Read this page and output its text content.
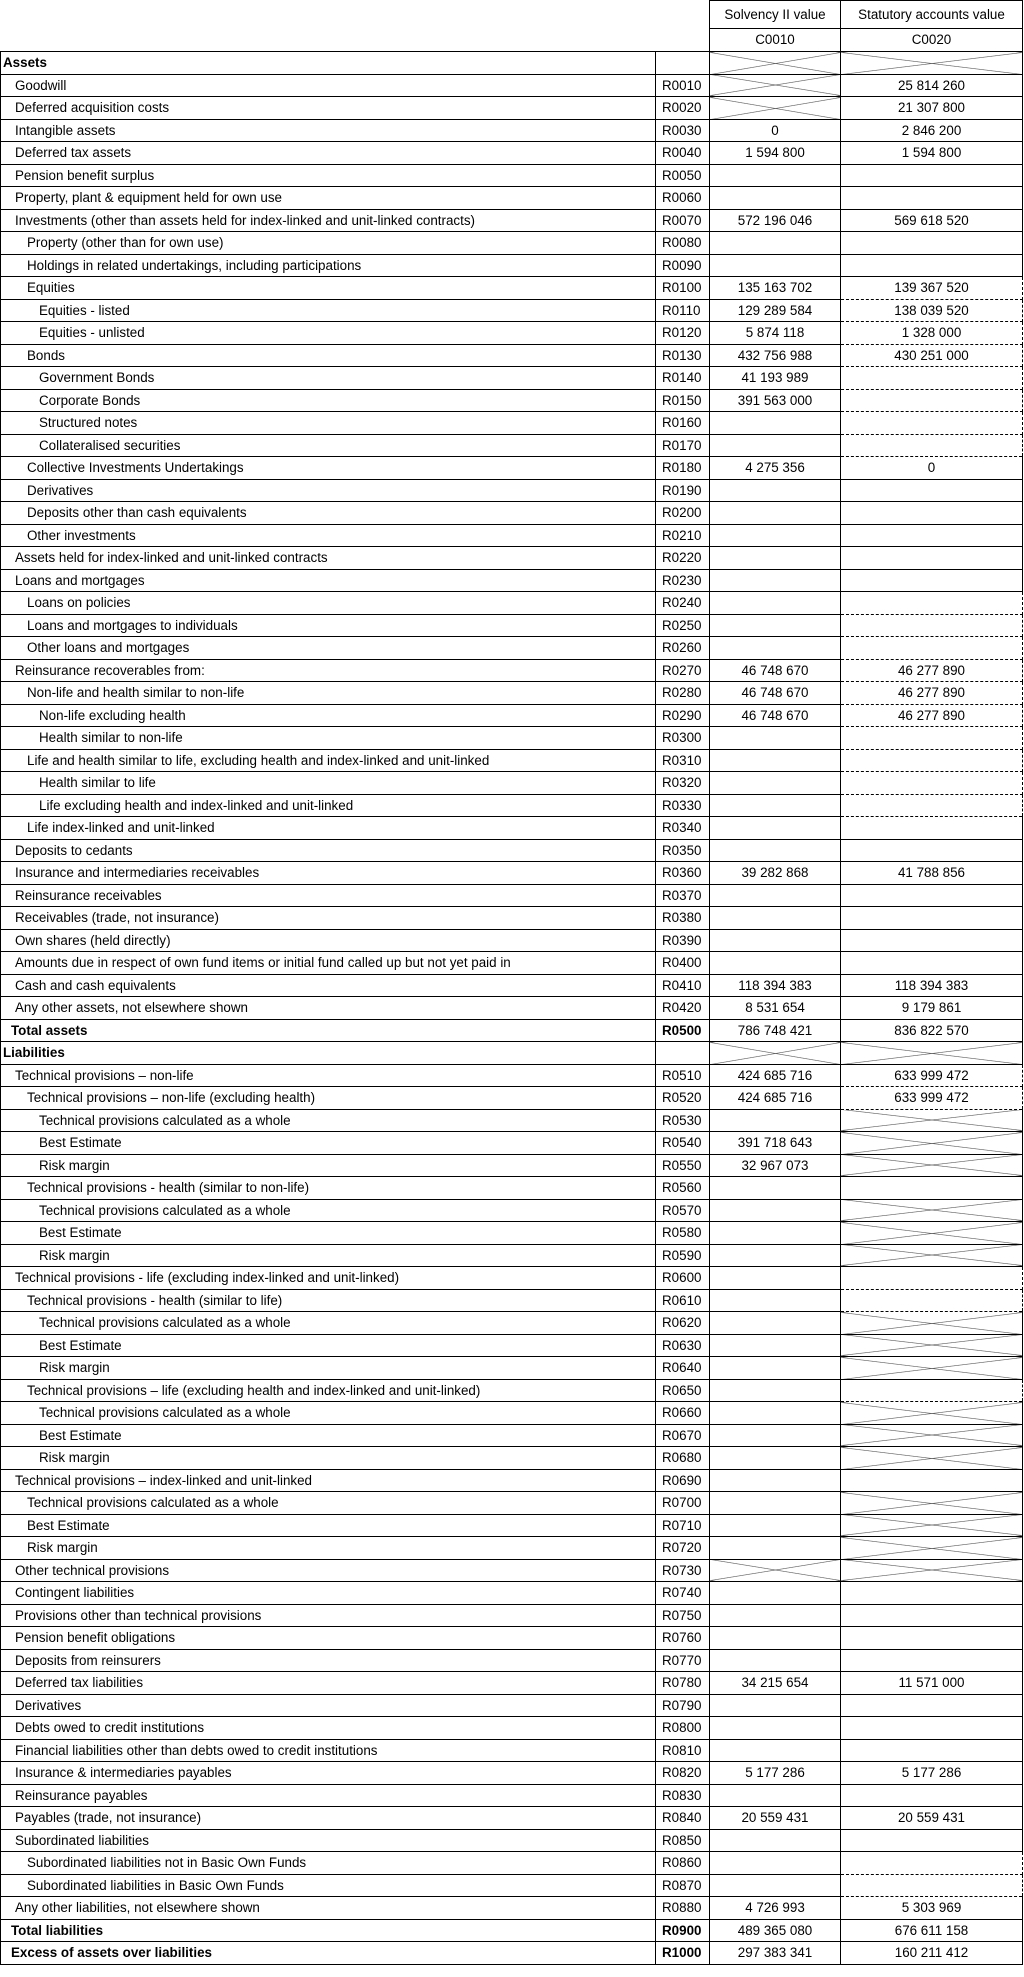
		Solvency II value	Statutory accounts value
		C0010	C0020
Assets			
Goodwill	R0010		25 814 260
Deferred acquisition costs	R0020		21 307 800
Intangible assets	R0030	0	2 846 200
Deferred tax assets	R0040	1 594 800	1 594 800
Pension benefit surplus	R0050		
Property, plant & equipment held for own use	R0060		
Investments (other than assets held for index-linked and unit-linked contracts)	R0070	572 196 046	569 618 520
Property (other than for own use)	R0080		
Holdings in related undertakings, including participations	R0090		
Equities	R0100	135 163 702	139 367 520
Equities - listed	R0110	129 289 584	138 039 520
Equities - unlisted	R0120	5 874 118	1 328 000
Bonds	R0130	432 756 988	430 251 000
Government Bonds	R0140	41 193 989	
Corporate Bonds	R0150	391 563 000	
Structured notes	R0160		
Collateralised securities	R0170		
Collective Investments Undertakings	R0180	4 275 356	0
Derivatives	R0190		
Deposits other than cash equivalents	R0200		
Other investments	R0210		
Assets held for index-linked and unit-linked contracts	R0220		
Loans and mortgages	R0230		
Loans on policies	R0240		
Loans and mortgages to individuals	R0250		
Other loans and mortgages	R0260		
Reinsurance recoverables from:	R0270	46 748 670	46 277 890
Non-life and health similar to non-life	R0280	46 748 670	46 277 890
Non-life excluding health	R0290	46 748 670	46 277 890
Health similar to non-life	R0300		
Life and health similar to life, excluding health and index-linked and unit-linked	R0310		
Health similar to life	R0320		
Life excluding health and index-linked and unit-linked	R0330		
Life index-linked and unit-linked	R0340		
Deposits to cedants	R0350		
Insurance and intermediaries receivables	R0360	39 282 868	41 788 856
Reinsurance receivables	R0370		
Receivables (trade, not insurance)	R0380		
Own shares (held directly)	R0390		
Amounts due in respect of own fund items or initial fund called up but not yet paid in	R0400		
Cash and cash equivalents	R0410	118 394 383	118 394 383
Any other assets, not elsewhere shown	R0420	8 531 654	9 179 861
Total assets	R0500	786 748 421	836 822 570
Liabilities			
Technical provisions – non-life	R0510	424 685 716	633 999 472
Technical provisions – non-life (excluding health)	R0520	424 685 716	633 999 472
Technical provisions calculated as a whole	R0530		
Best Estimate	R0540	391 718 643	
Risk margin	R0550	32 967 073	
Technical provisions - health (similar to non-life)	R0560		
Technical provisions calculated as a whole	R0570		
Best Estimate	R0580		
Risk margin	R0590		
Technical provisions - life (excluding index-linked and unit-linked)	R0600		
Technical provisions - health (similar to life)	R0610		
Technical provisions calculated as a whole	R0620		
Best Estimate	R0630		
Risk margin	R0640		
Technical provisions – life (excluding health and index-linked and unit-linked)	R0650		
Technical provisions calculated as a whole	R0660		
Best Estimate	R0670		
Risk margin	R0680		
Technical provisions – index-linked and unit-linked	R0690		
Technical provisions calculated as a whole	R0700		
Best Estimate	R0710		
Risk margin	R0720		
Other technical provisions	R0730		
Contingent liabilities	R0740		
Provisions other than technical provisions	R0750		
Pension benefit obligations	R0760		
Deposits from reinsurers	R0770		
Deferred tax liabilities	R0780	34 215 654	11 571 000
Derivatives	R0790		
Debts owed to credit institutions	R0800		
Financial liabilities other than debts owed to credit institutions	R0810		
Insurance & intermediaries payables	R0820	5 177 286	5 177 286
Reinsurance payables	R0830		
Payables (trade, not insurance)	R0840	20 559 431	20 559 431
Subordinated liabilities	R0850		
Subordinated liabilities not in Basic Own Funds	R0860		
Subordinated liabilities in Basic Own Funds	R0870		
Any other liabilities, not elsewhere shown	R0880	4 726 993	5 303 969
Total liabilities	R0900	489 365 080	676 611 158
Excess of assets over liabilities	R1000	297 383 341	160 211 412
